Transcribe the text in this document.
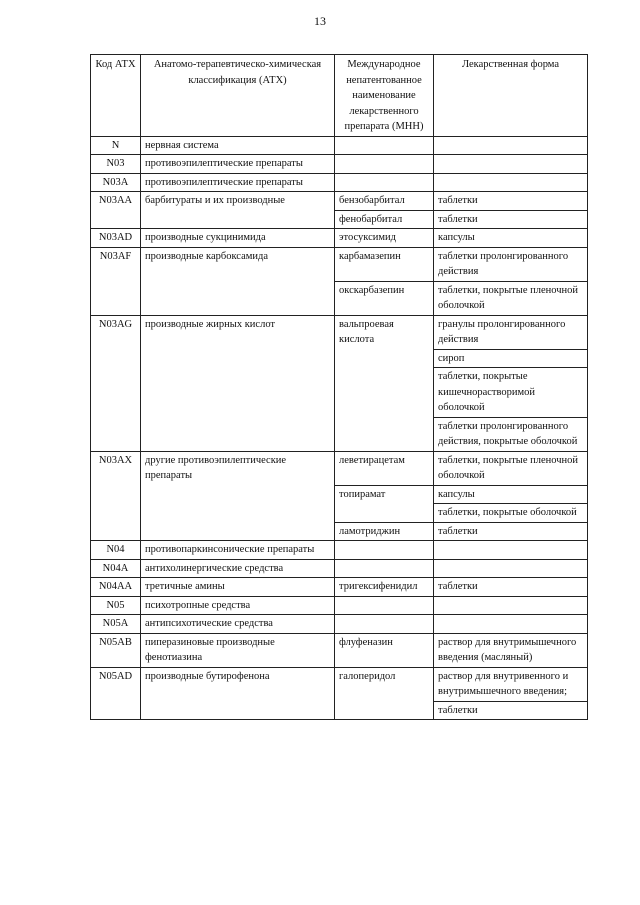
13
Код АТХ	Анатомо-терапевтическо-химическая классификация (АТХ)	Международное непатентованное наименование лекарственного препарата (МНН)	Лекарственная форма
N	нервная система		
N03	противоэпилептические препараты		
N03A	противоэпилептические препараты		
N03AA	барбитураты и их производные	бензобарбитал	таблетки
		фенобарбитал	таблетки
N03AD	производные сукцинимида	этосуксимид	капсулы
N03AF	производные карбоксамида	карбамазепин	таблетки пролонгированного действия
		окскарбазепин	таблетки, покрытые пленочной оболочкой
N03AG	производные жирных кислот	вальпроевая кислота	гранулы пролонгированного действия
			сироп
			таблетки, покрытые кишечнорастворимой оболочкой
			таблетки пролонгированного действия, покрытые оболочкой
N03AX	другие противоэпилептические препараты	леветирацетам	таблетки, покрытые пленочной оболочкой
		топирамат	капсулы
			таблетки, покрытые оболочкой
		ламотриджин	таблетки
N04	противопаркинсонические препараты		
N04A	антихолинергические средства		
N04AA	третичные амины	тригексифенидил	таблетки
N05	психотропные средства		
N05A	антипсихотические средства		
N05AB	пиперазиновые производные фенотиазина	флуфеназин	раствор для внутримышечного введения (масляный)
N05AD	производные бутирофенона	галоперидол	раствор для внутривенного и внутримышечного введения;
			таблетки
